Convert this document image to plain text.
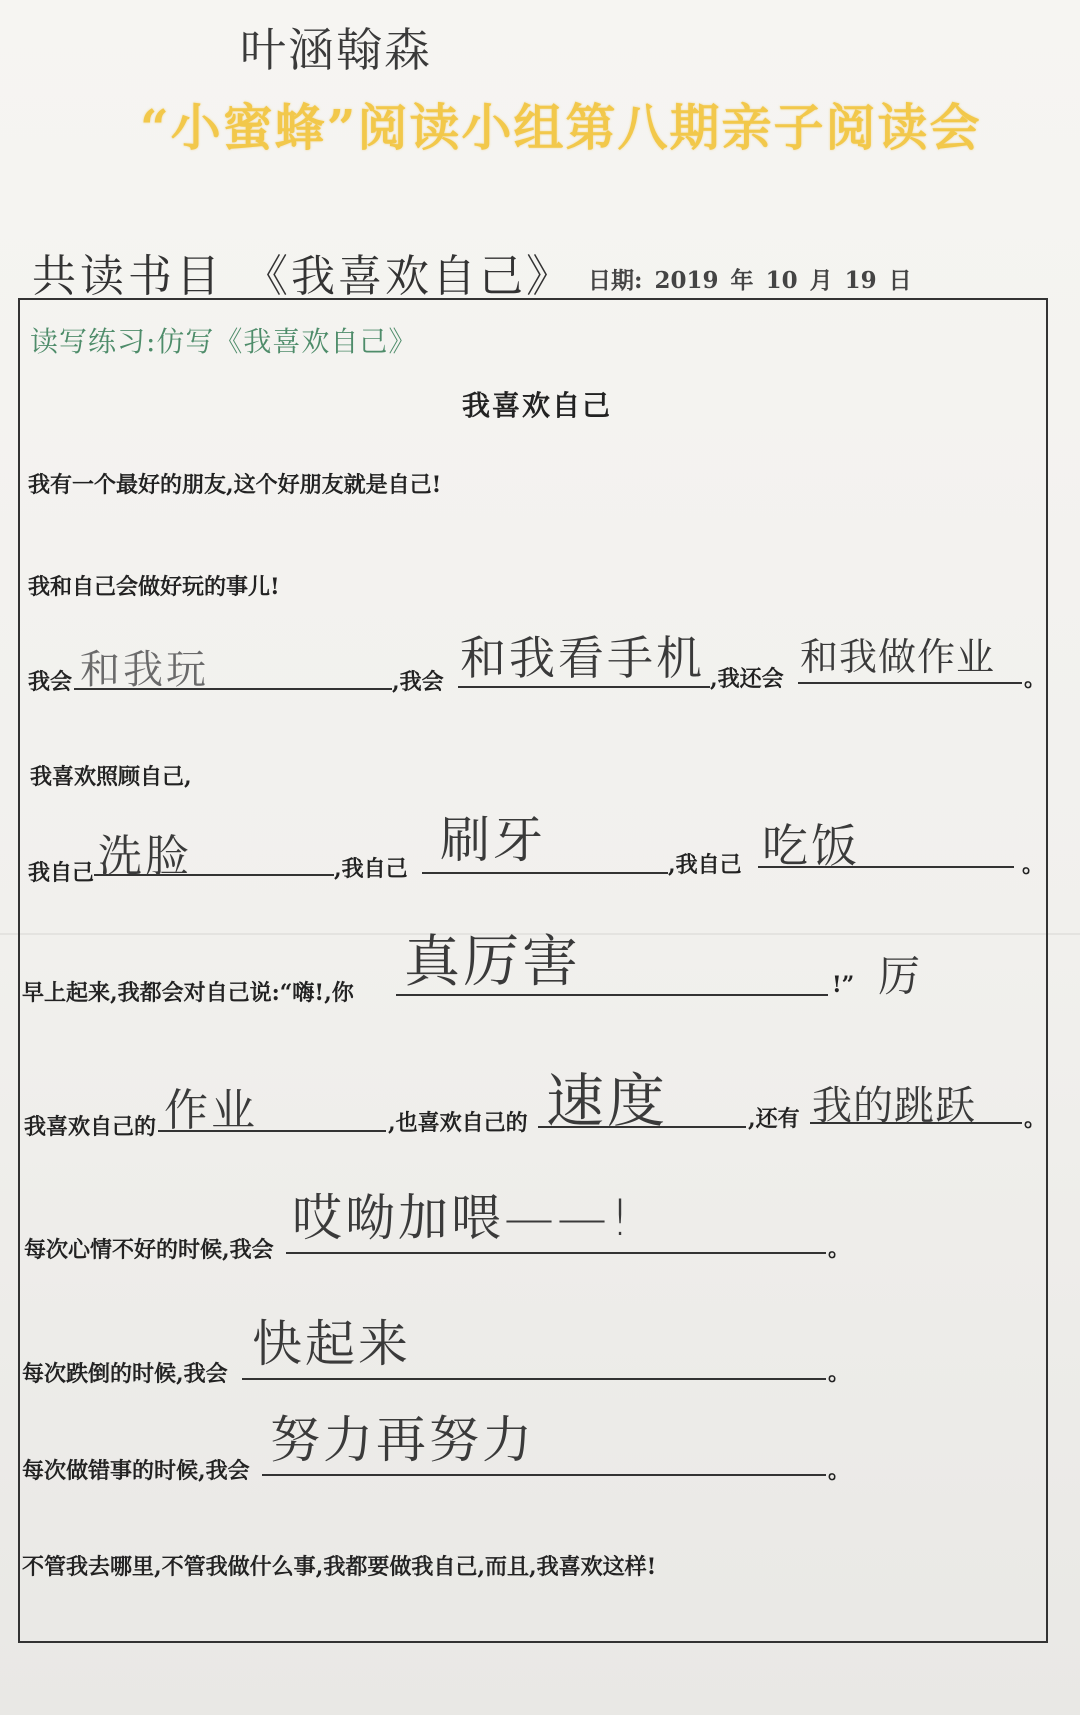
叶涵翰森
“小蜜蜂”阅读小组第八期亲子阅读会
共读书目 《我喜欢自己》 日期: 2019 年 10 月 19 日
读写练习:仿写《我喜欢自己》
我喜欢自己
我有一个最好的朋友,这个好朋友就是自己!
我和自己会做好玩的事儿!
我会 和我玩	,我会 和我看手机 ,我还会 和我做作业 。
我喜欢照顾自己,
我自己 洗脸	,我自己 刷牙	,我自己 吃饭	。
早上起来,我都会对自己说:“嗨!,你 真厉害	!” 厉
我喜欢自己的 作业	,也喜欢自己的 速度	,还有 我的跳跃 。
每次心情不好的时候,我会
哎呦加喂——!
。
每次跌倒的时候,我会
快起来	。
每次做错事的时候,我会
努力再努力
。
不管我去哪里,不管我做什么事,我都要做我自己,而且,我喜欢这样!
